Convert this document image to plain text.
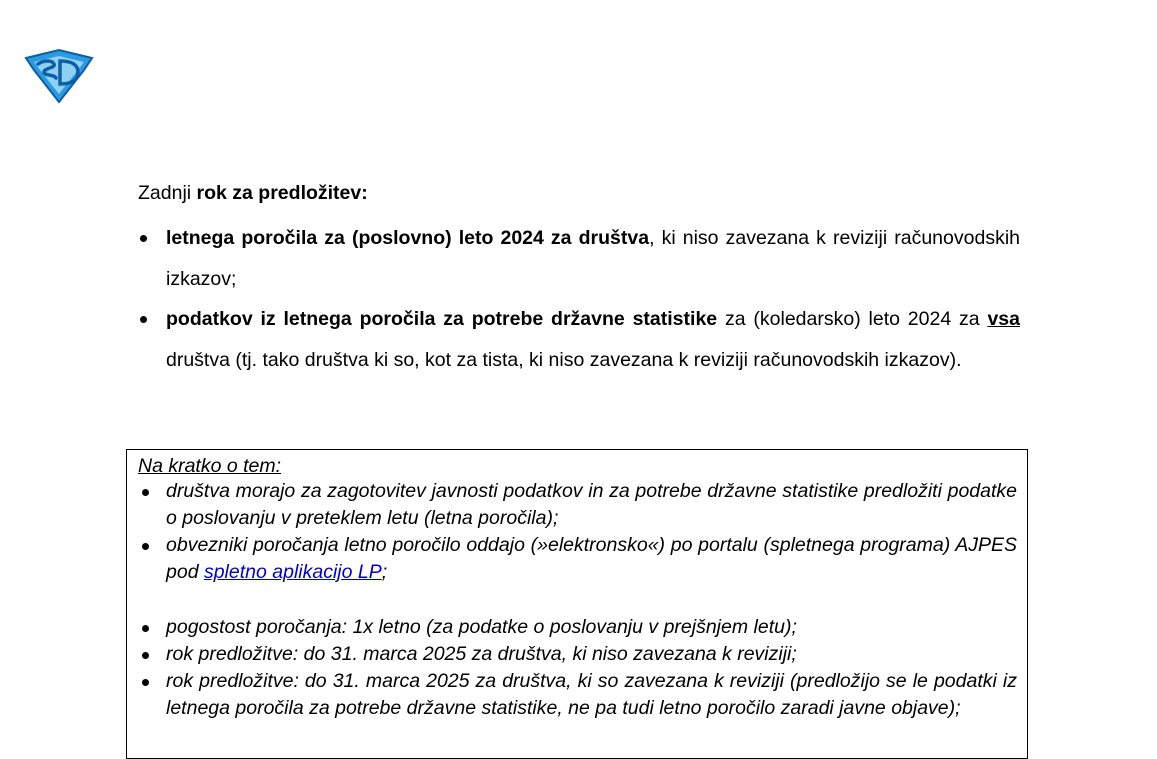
Zadnji rok za predložitev:

letnega poročila za (poslovno) leto 2024 za društva, ki niso zavezana k reviziji računovodskih izkazov;
podatkov iz letnega poročila za potrebe državne statistike za (koledarsko) leto 2024 za vsa društva (tj. tako društva ki so, kot za tista, ki niso zavezana k reviziji računovodskih izkazov).

Na kratko o tem:

društva morajo za zagotovitev javnosti podatkov in za potrebe državne statistike predložiti podatke o poslovanju v preteklem letu (letna poročila);
obvezniki poročanja letno poročilo oddajo (»elektronsko«) po portalu (spletnega programa) AJPES pod spletno aplikacijo LP;
pogostost poročanja: 1x letno (za podatke o poslovanju v prejšnjem letu);
rok predložitve: do 31. marca 2025 za društva, ki niso zavezana k reviziji;
rok predložitve: do 31. marca 2025 za društva, ki so zavezana k reviziji (predložijo se le podatki iz letnega poročila za potrebe državne statistike, ne pa tudi letno poročilo zaradi javne objave);
